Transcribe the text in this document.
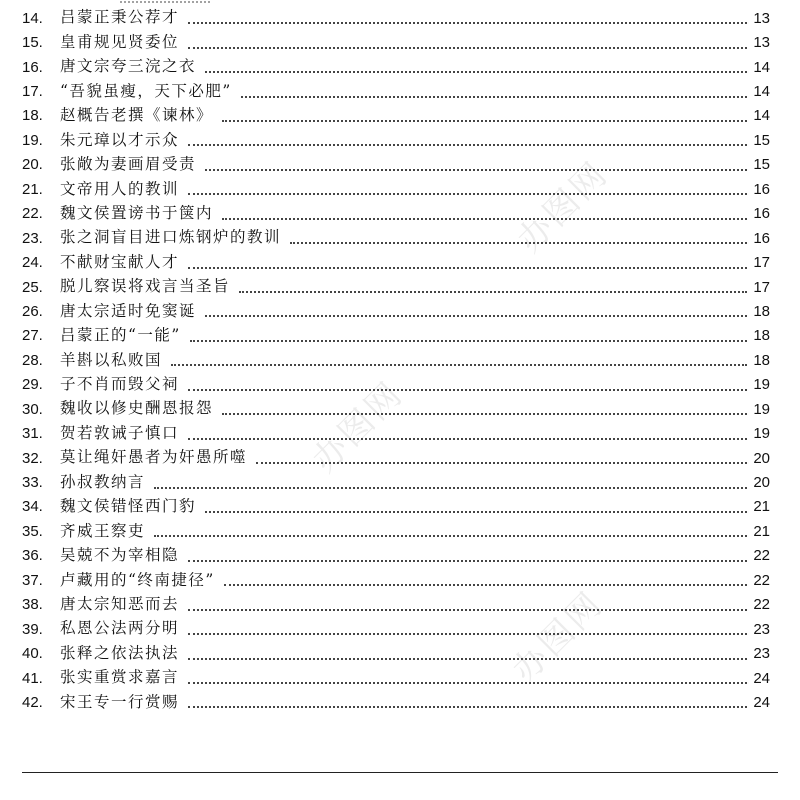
办图网
办图网
办图网
14.	吕蒙正秉公荐才	13
15.	皇甫规见贤委位	13
16.	唐文宗夸三浣之衣	14
17.	“吾貌虽瘦，天下必肥”	14
18.	赵概告老撰《谏林》	14
19.	朱元璋以才示众	15
20.	张敞为妻画眉受责	15
21.	文帝用人的教训	16
22.	魏文侯置谤书于箧内	16
23.	张之洞盲目进口炼钢炉的教训	16
24.	不献财宝献人才	17
25.	脱儿察误将戏言当圣旨	17
26.	唐太宗适时免窦诞	18
27.	吕蒙正的“一能”	18
28.	羊斟以私败国	18
29.	子不肖而毁父祠	19
30.	魏收以修史酬恩报怨	19
31.	贺若敦诫子慎口	19
32.	莫让绳奸愚者为奸愚所噬	20
33.	孙叔教纳言	20
34.	魏文侯错怪西门豹	21
35.	齐威王察吏	21
36.	吴兢不为宰相隐	22
37.	卢藏用的“终南捷径”	22
38.	唐太宗知恶而去	22
39.	私恩公法两分明	23
40.	张释之依法执法	23
41.	张实重赏求嘉言	24
42.	宋王专一行赏赐	24
